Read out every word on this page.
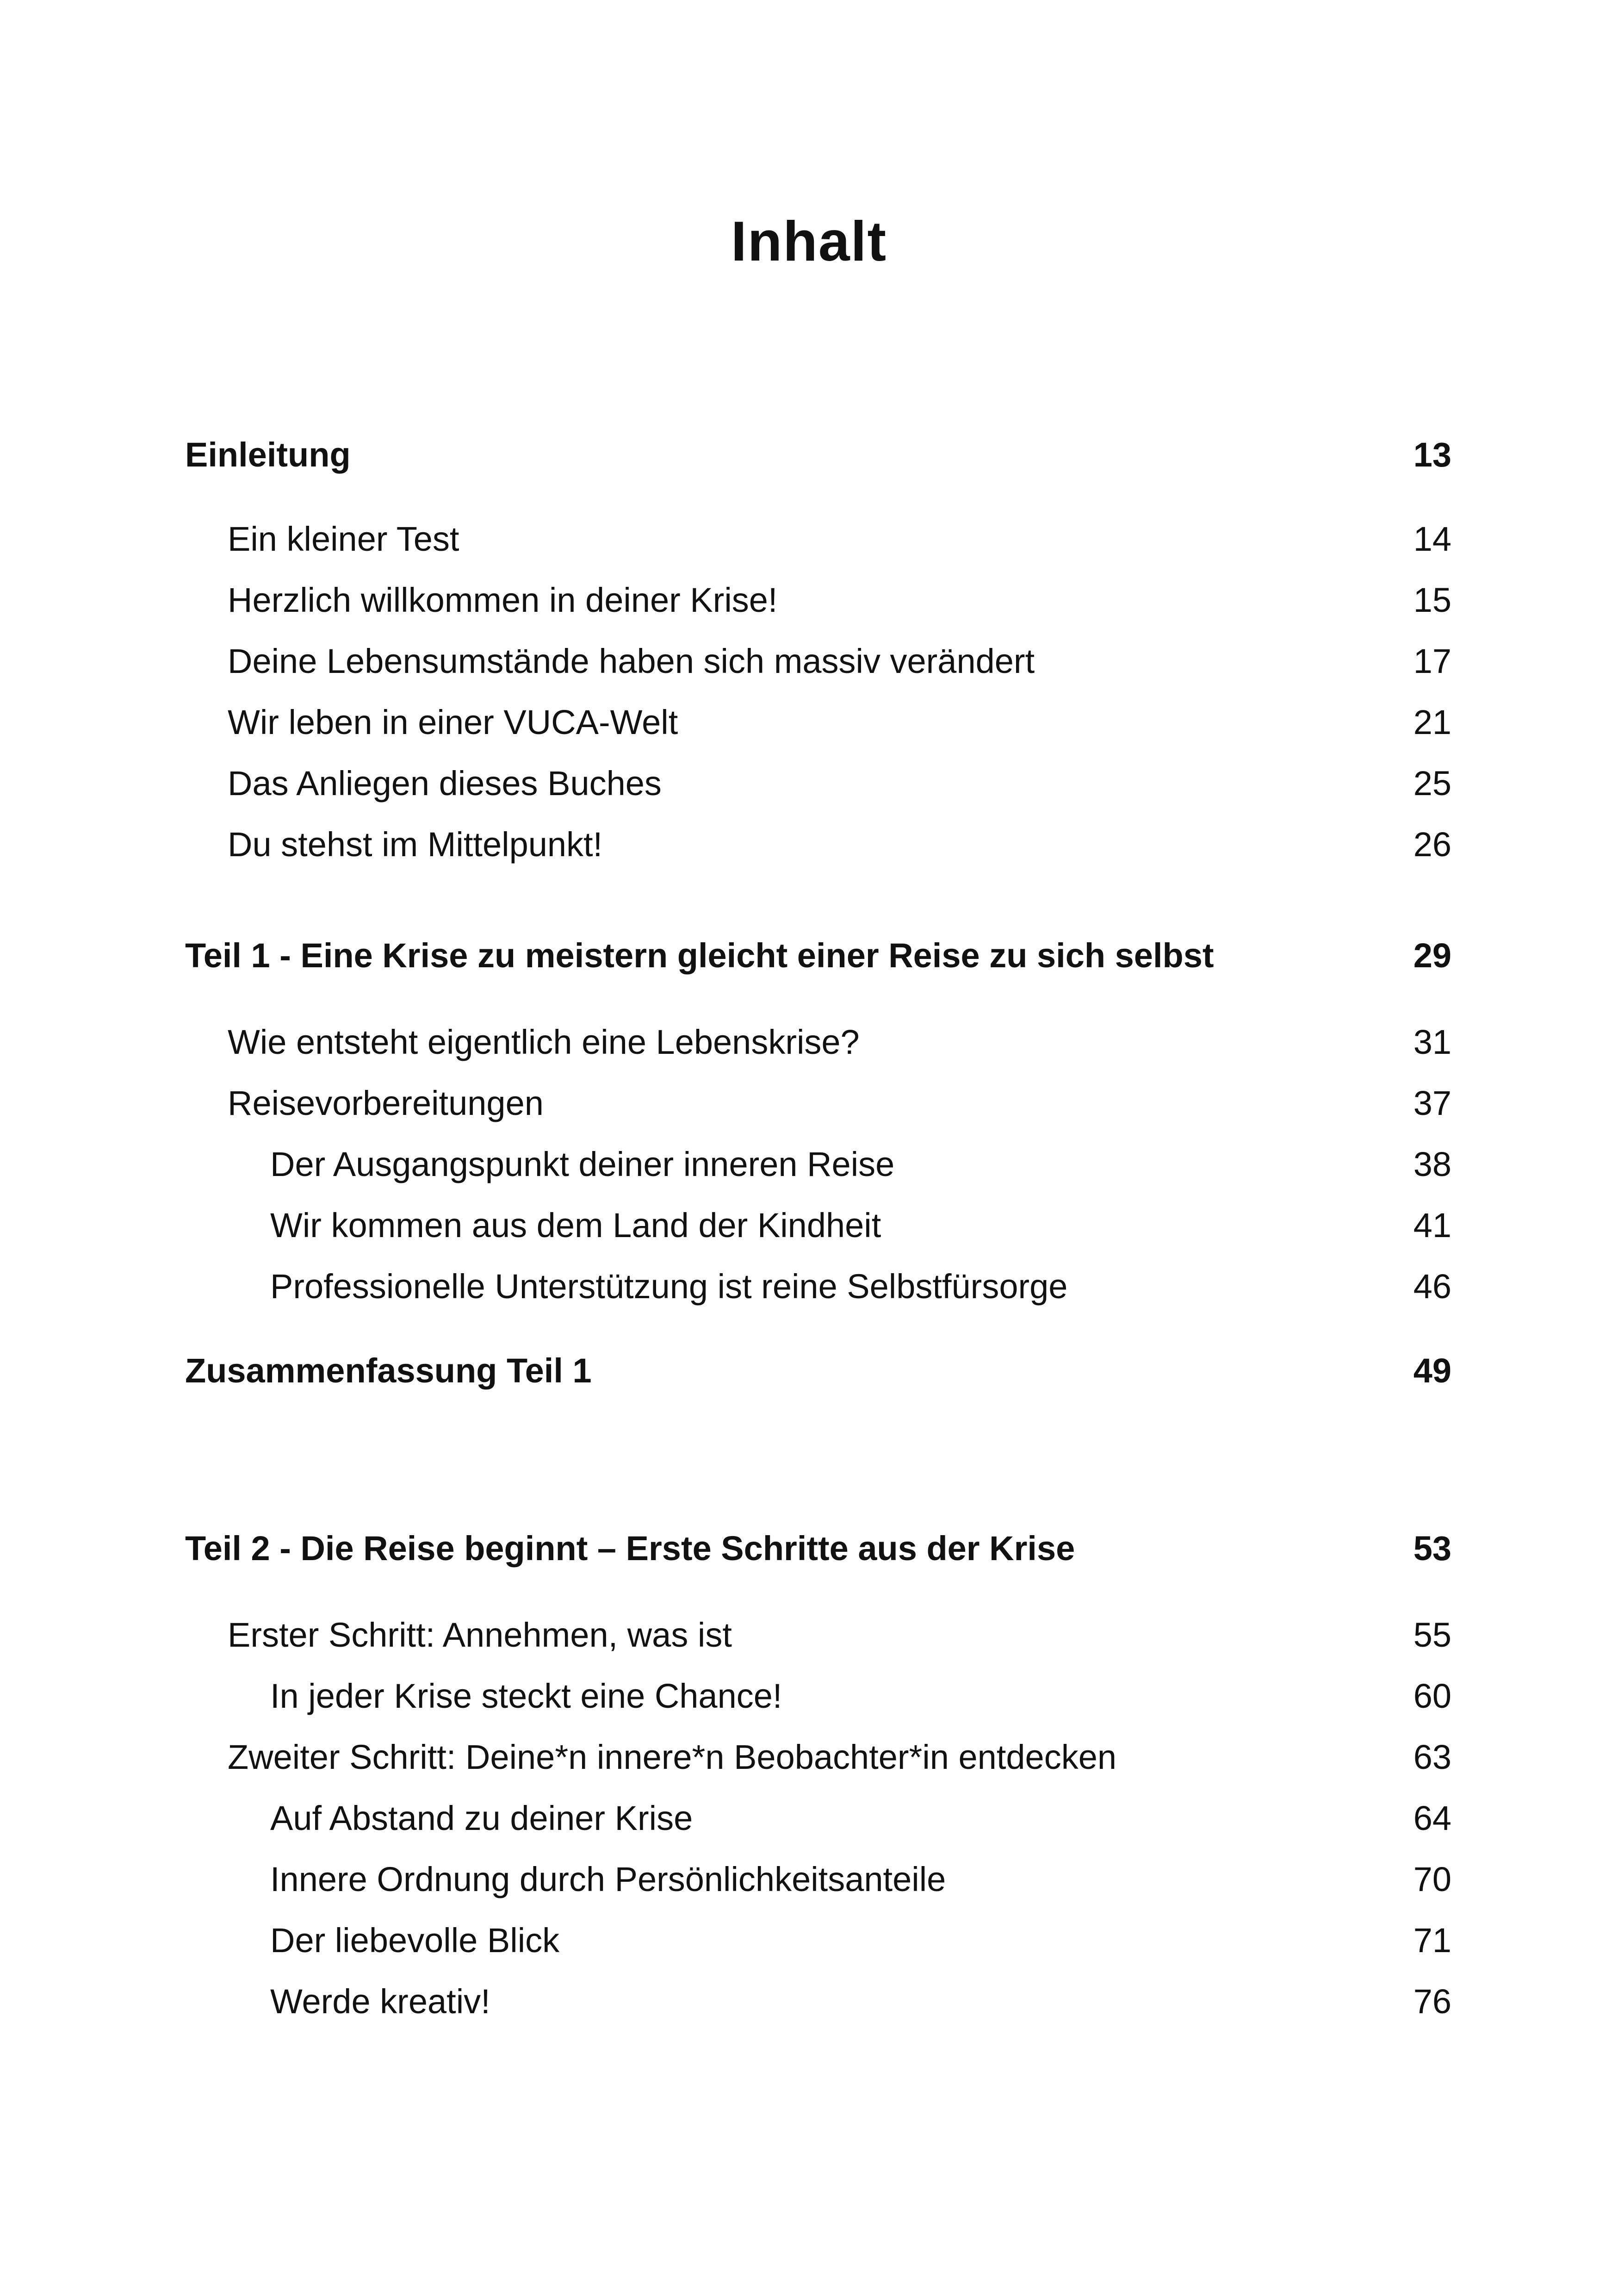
Inhalt
Einleitung	13
Ein kleiner Test	14
Herzlich willkommen in deiner Krise!	15
Deine Lebensumstände haben sich massiv verändert	17
Wir leben in einer VUCA-Welt	21
Das Anliegen dieses Buches	25
Du stehst im Mittelpunkt!	26
Teil 1 - Eine Krise zu meistern gleicht einer Reise zu sich selbst	29
Wie entsteht eigentlich eine Lebenskrise?	31
Reisevorbereitungen	37
Der Ausgangspunkt deiner inneren Reise	38
Wir kommen aus dem Land der Kindheit	41
Professionelle Unterstützung ist reine Selbstfürsorge	46
Zusammenfassung Teil 1	49
Teil 2 - Die Reise beginnt – Erste Schritte aus der Krise	53
Erster Schritt: Annehmen, was ist	55
In jeder Krise steckt eine Chance!	60
Zweiter Schritt: Deine*n innere*n Beobachter*in entdecken	63
Auf Abstand zu deiner Krise	64
Innere Ordnung durch Persönlichkeitsanteile	70
Der liebevolle Blick	71
Werde kreativ!	76
